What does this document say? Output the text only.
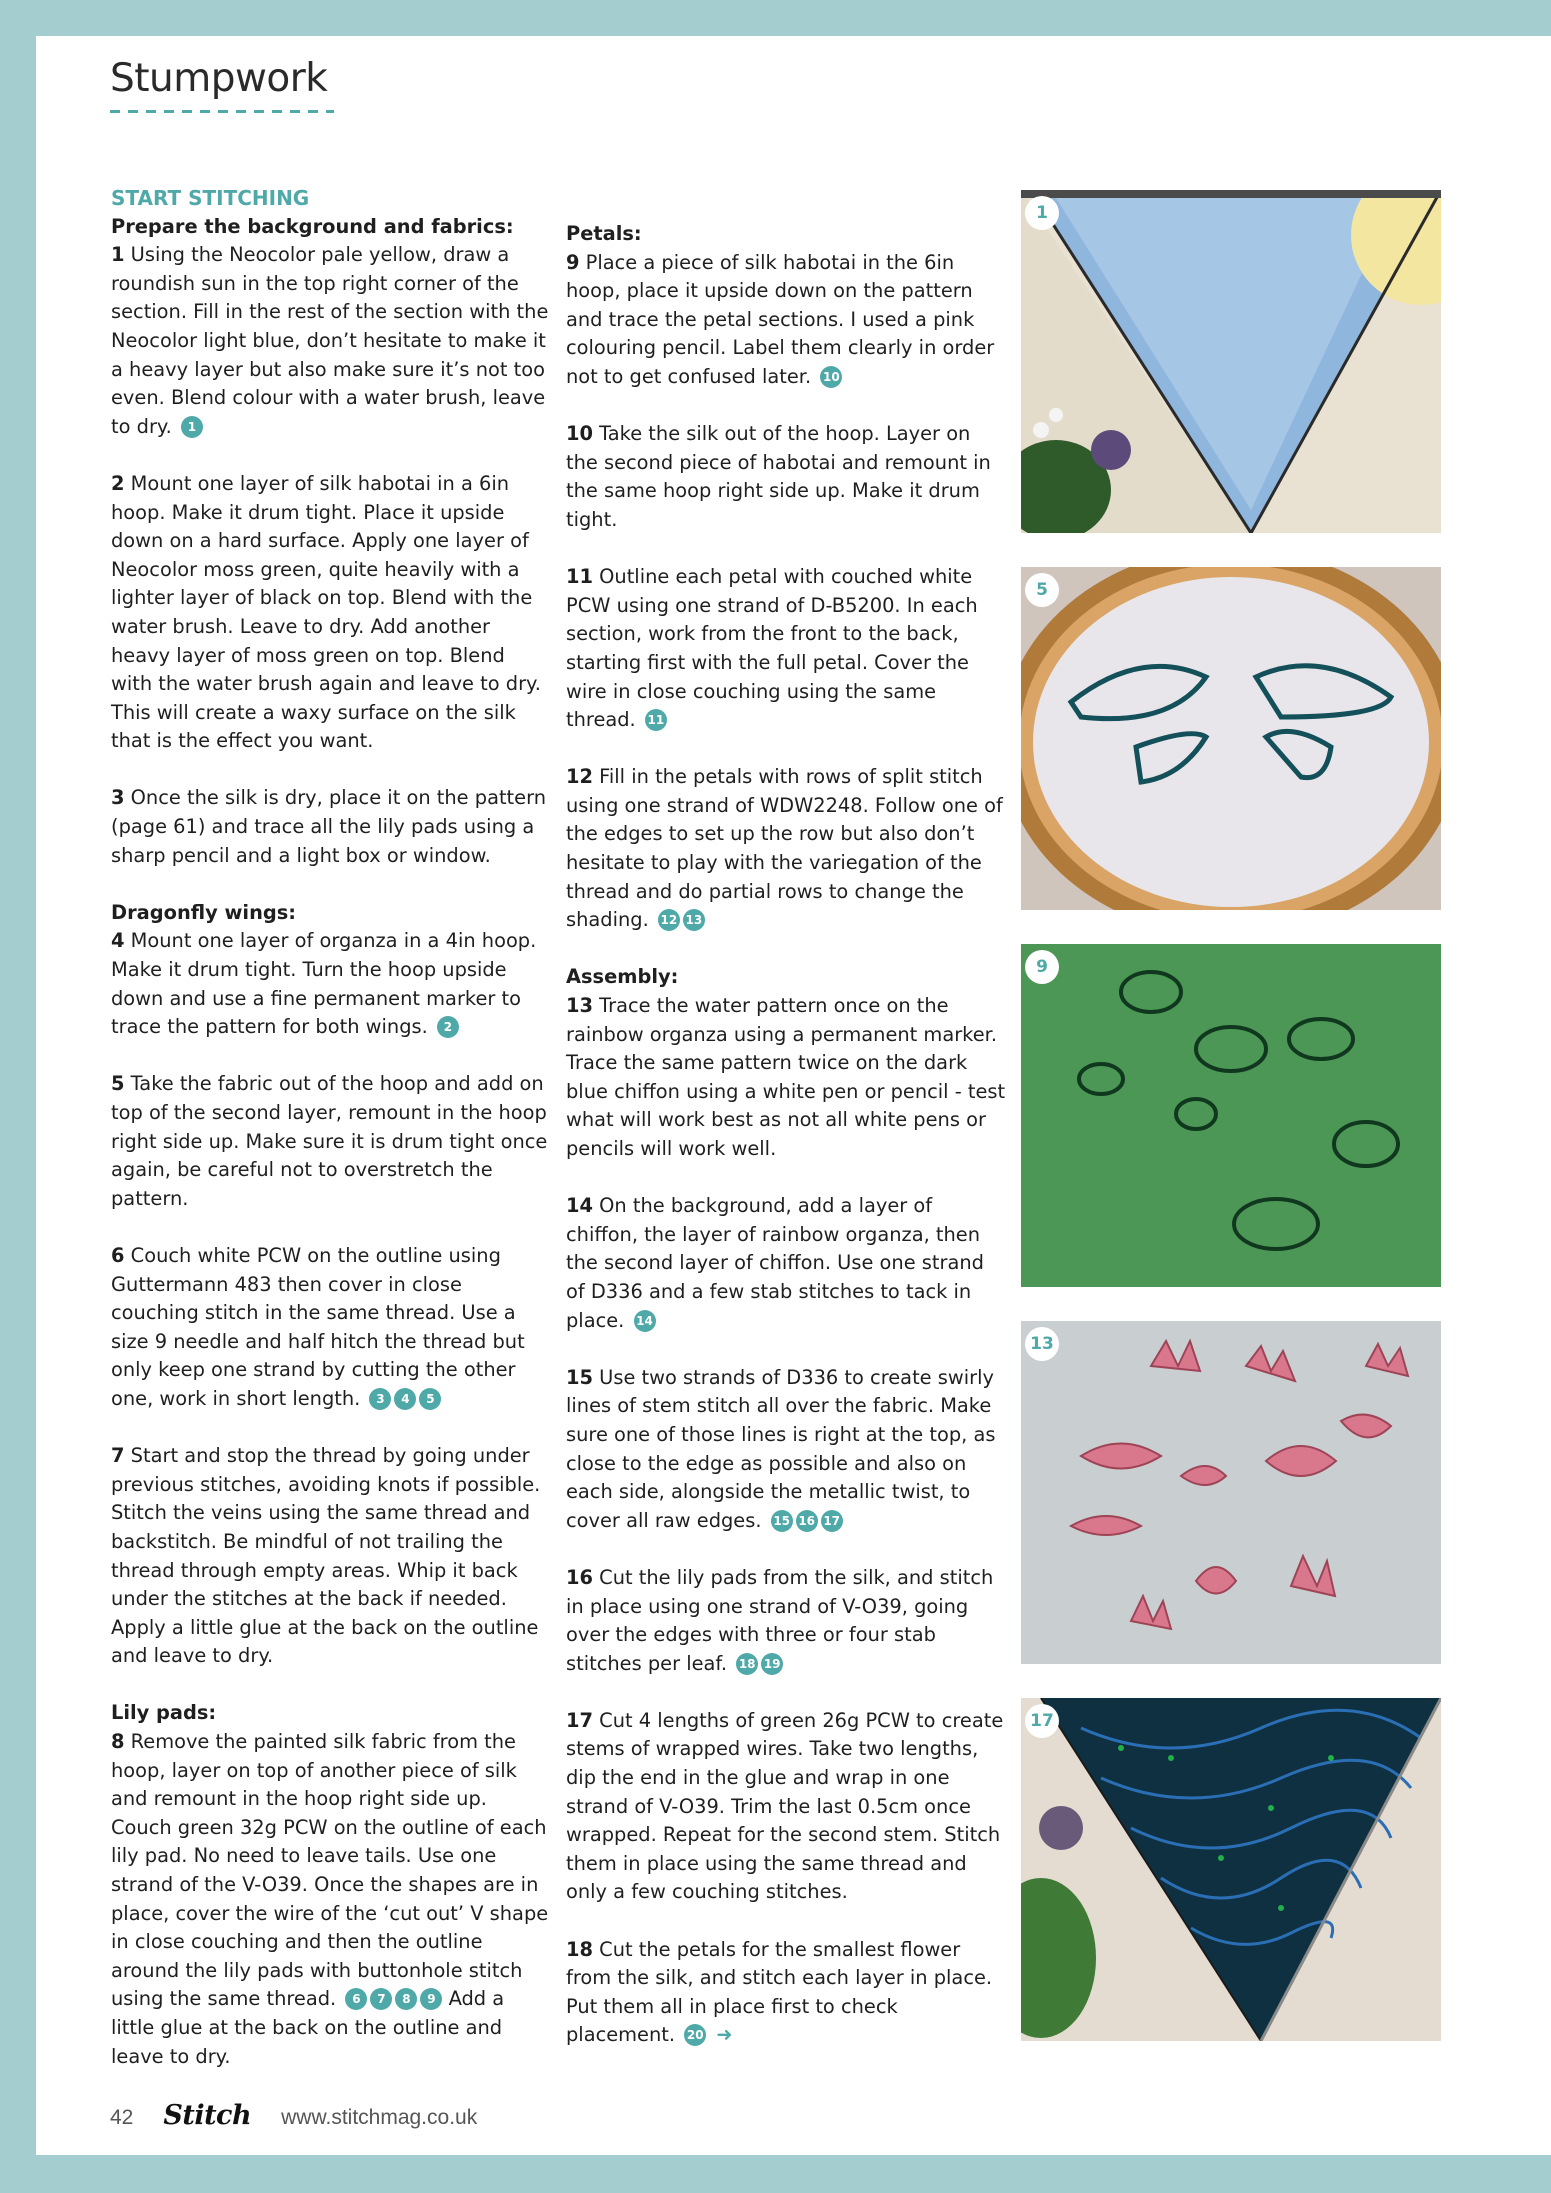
Stumpwork
START STITCHING
Prepare the background and fabrics:

1 Using the Neocolor pale yellow, draw a roundish sun in the top right corner of the section. Fill in the rest of the section with the Neocolor light blue, don’t hesitate to make it a heavy layer but also make sure it’s not too even. Blend colour with a water brush, leave to dry. 1

2 Mount one layer of silk habotai in a 6in hoop. Make it drum tight. Place it upside down on a hard surface. Apply one layer of Neocolor moss green, quite heavily with a lighter layer of black on top. Blend with the water brush. Leave to dry. Add another heavy layer of moss green on top. Blend with the water brush again and leave to dry. This will create a waxy surface on the silk that is the effect you want.

3 Once the silk is dry, place it on the pattern (page 61) and trace all the lily pads using a sharp pencil and a light box or window.

Dragonfly wings:

4 Mount one layer of organza in a 4in hoop. Make it drum tight. Turn the hoop upside down and use a fine permanent marker to trace the pattern for both wings. 2

5 Take the fabric out of the hoop and add on top of the second layer, remount in the hoop right side up. Make sure it is drum tight once again, be careful not to overstretch the pattern.

6 Couch white PCW on the outline using Guttermann 483 then cover in close couching stitch in the same thread. Use a size 9 needle and half hitch the thread but only keep one strand by cutting the other one, work in short length. 3 4 5

7 Start and stop the thread by going under previous stitches, avoiding knots if possible. Stitch the veins using the same thread and backstitch. Be mindful of not trailing the thread through empty areas. Whip it back under the stitches at the back if needed. Apply a little glue at the back on the outline and leave to dry.

Lily pads:

8 Remove the painted silk fabric from the hoop, layer on top of another piece of silk and remount in the hoop right side up. Couch green 32g PCW on the outline of each lily pad. No need to leave tails. Use one strand of the V-O39. Once the shapes are in place, cover the wire of the ‘cut out’ V shape in close couching and then the outline around the lily pads with buttonhole stitch using the same thread. 6 7 8 9 Add a little glue at the back on the outline and leave to dry.

Petals:

9 Place a piece of silk habotai in the 6in hoop, place it upside down on the pattern and trace the petal sections. I used a pink colouring pencil. Label them clearly in order not to get confused later. 10

10 Take the silk out of the hoop. Layer on the second piece of habotai and remount in the same hoop right side up. Make it drum tight.

11 Outline each petal with couched white PCW using one strand of D-B5200. In each section, work from the front to the back, starting first with the full petal. Cover the wire in close couching using the same thread. 11

12 Fill in the petals with rows of split stitch using one strand of WDW2248. Follow one of the edges to set up the row but also don’t hesitate to play with the variegation of the thread and do partial rows to change the shading. 12 13

Assembly:

13 Trace the water pattern once on the rainbow organza using a permanent marker. Trace the same pattern twice on the dark blue chiffon using a white pen or pencil - test what will work best as not all white pens or pencils will work well.

14 On the background, add a layer of chiffon, the layer of rainbow organza, then the second layer of chiffon. Use one strand of D336 and a few stab stitches to tack in place. 14

15 Use two strands of D336 to create swirly lines of stem stitch all over the fabric. Make sure one of those lines is right at the top, as close to the edge as possible and also on each side, alongside the metallic twist, to cover all raw edges. 15 16 17

16 Cut the lily pads from the silk, and stitch in place using one strand of V-O39, going over the edges with three or four stab stitches per leaf. 18 19

17 Cut 4 lengths of green 26g PCW to create stems of wrapped wires. Take two lengths, dip the end in the glue and wrap in one strand of V-O39. Trim the last 0.5cm once wrapped. Repeat for the second stem. Stitch them in place using the same thread and only a few couching stitches.

18 Cut the petals for the smallest flower from the silk, and stitch each layer in place. Put them all in place first to check placement. 20 ➜

1
5
9
13
17
42 Stitch www.stitchmag.co.uk
